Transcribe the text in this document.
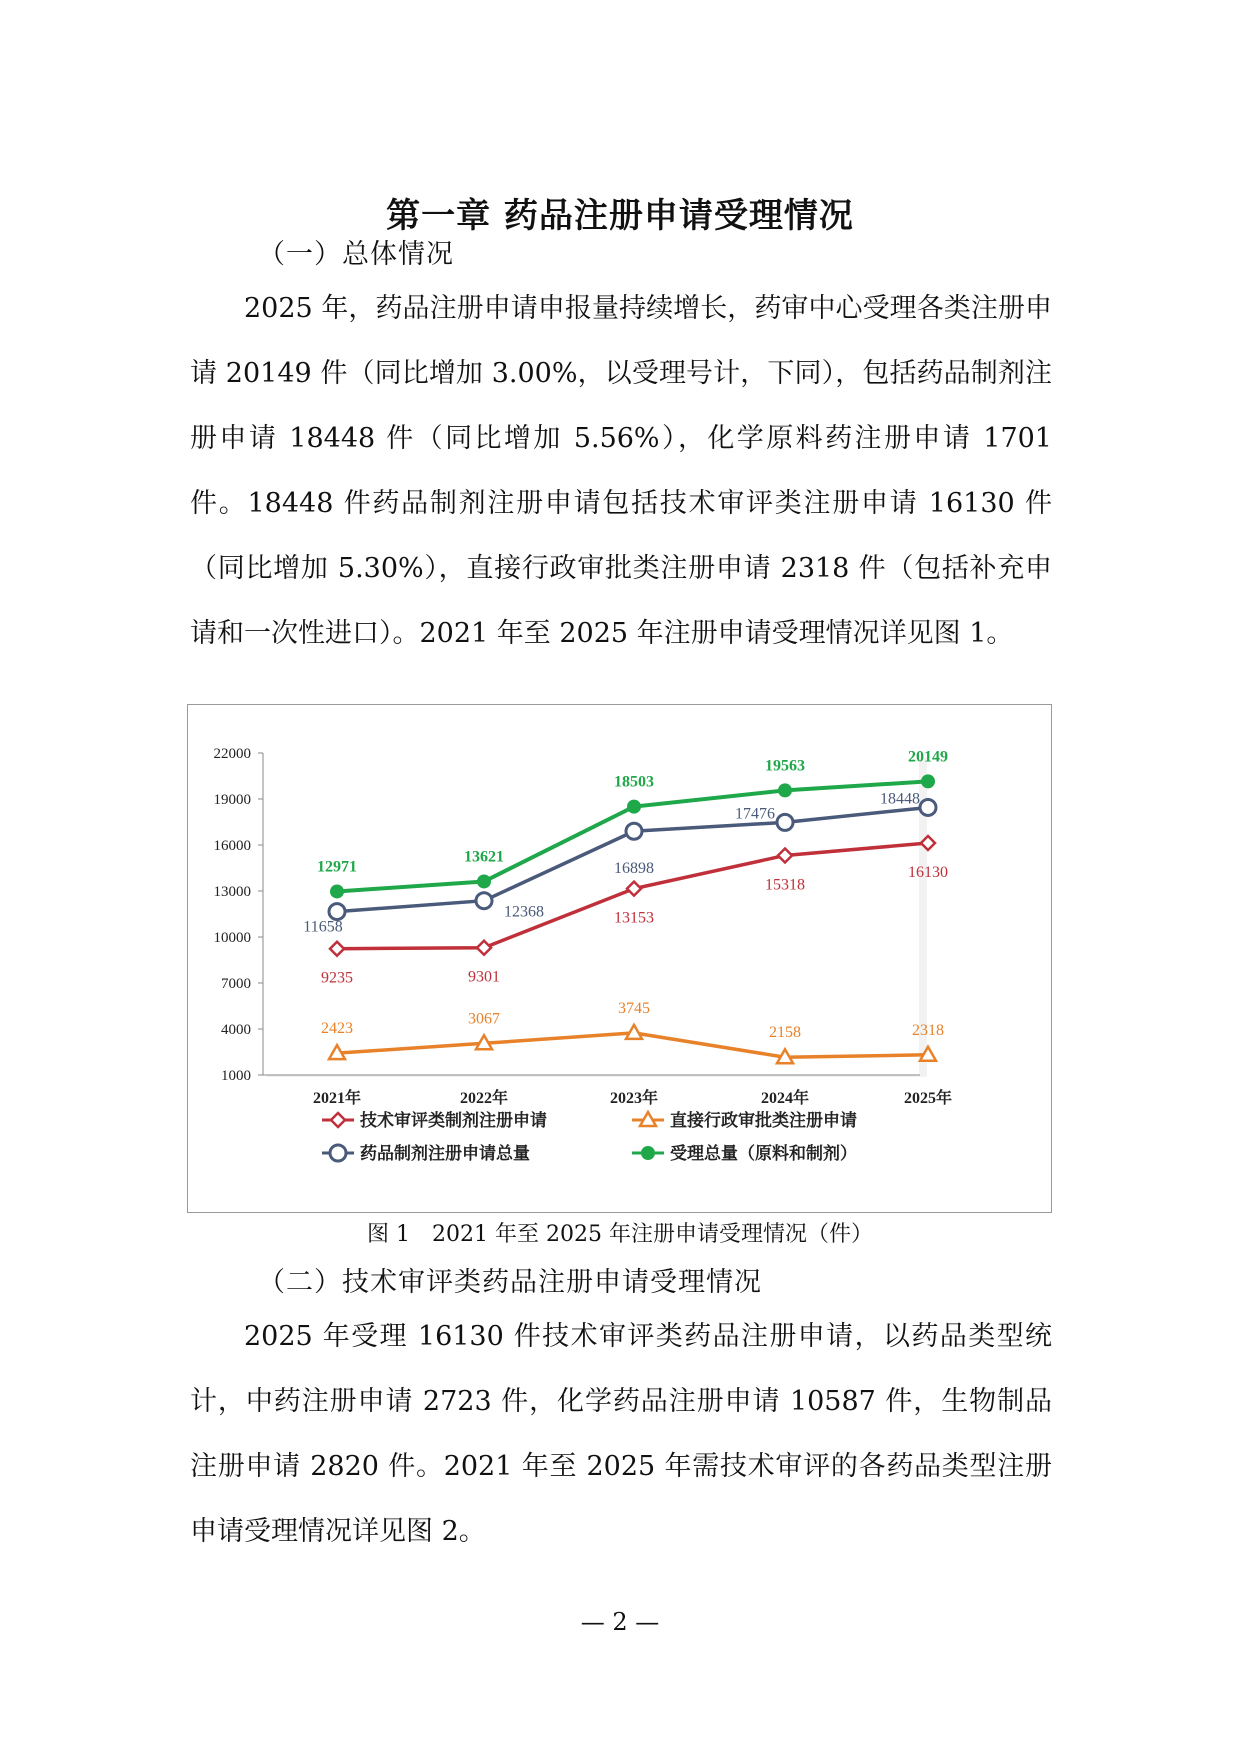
第一章 药品注册申请受理情况
（一）总体情况

2025 年，药品注册申请申报量持续增长，药审中心受理各类注册申请 20149 件（同比增加 3.00%，以受理号计，下同），包括药品制剂注册申请 18448 件（同比增加 5.56%），化学原料药注册申请 1701 件。18448 件药品制剂注册申请包括技术审评类注册申请 16130 件（同比增加 5.30%），直接行政审批类注册申请 2318 件（包括补充申请和一次性进口）。2021 年至 2025 年注册申请受理情况详见图 1。

1000
4000
7000
10000
13000
16000
19000
22000
2021年	2022年	2023年	2024年	2025年
9235	9301
13153
15318
16130
2423
3067
3745
2158	2318
11658
12368
16898
17476
18448
12971
13621
18503
19563
20149
技术审评类制剂注册申请	直接行政审批类注册申请
药品制剂注册申请总量	受理总量（原料和制剂）
图 1　2021 年至 2025 年注册申请受理情况（件）
（二）技术审评类药品注册申请受理情况

2025 年受理 16130 件技术审评类药品注册申请，以药品类型统计，中药注册申请 2723 件，化学药品注册申请 10587 件，生物制品注册申请 2820 件。2021 年至 2025 年需技术审评的各药品类型注册申请受理情况详见图 2。

— 2 —
